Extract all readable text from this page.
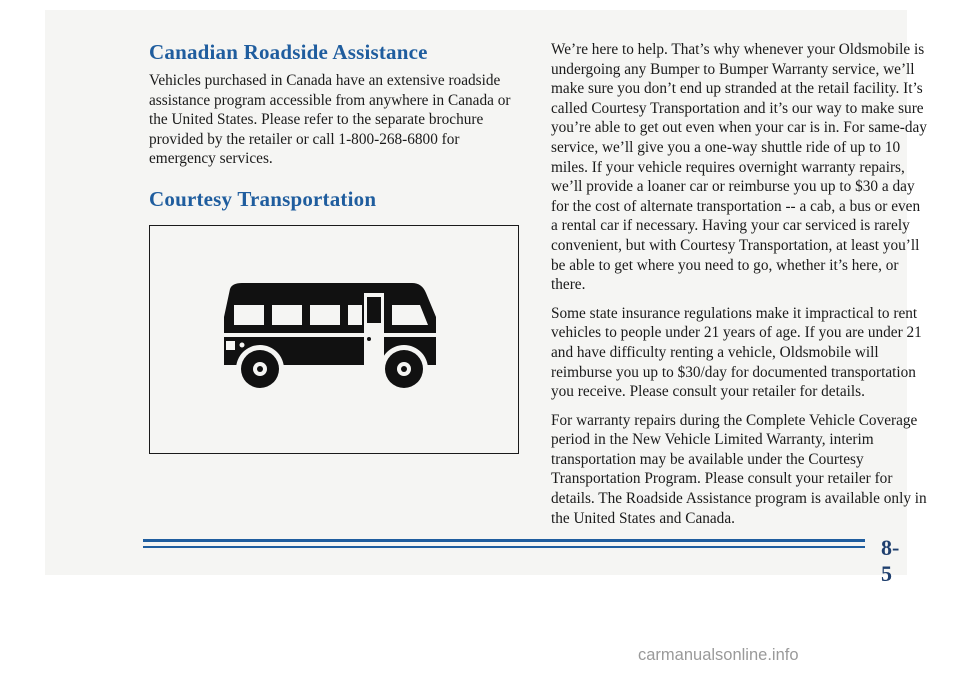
Canadian Roadside Assistance

Vehicles purchased in Canada have an extensive roadside assistance program accessible from anywhere in Canada or the United States. Please refer to the separate brochure provided by the retailer or call 1-800-268-6800 for emergency services.

Courtesy Transportation

We’re here to help. That’s why whenever your Oldsmobile is undergoing any Bumper to Bumper Warranty service, we’ll make sure you don’t end up stranded at the retail facility. It’s called Courtesy Transportation and it’s our way to make sure you’re able to get out even when your car is in. For same-day service, we’ll give you a one-way shuttle ride of up to 10 miles. If your vehicle requires overnight warranty repairs, we’ll provide a loaner car or reimburse you up to $30 a day for the cost of alternate transportation -- a cab, a bus or even a rental car if necessary. Having your car serviced is rarely convenient, but with Courtesy Transportation, at least you’ll be able to get where you need to go, whether it’s here, or there.

Some state insurance regulations make it impractical to rent vehicles to people under 21 years of age. If you are under 21 and have difficulty renting a vehicle, Oldsmobile will reimburse you up to $30/day for documented transportation you receive. Please consult your retailer for details.

For warranty repairs during the Complete Vehicle Coverage period in the New Vehicle Limited Warranty, interim transportation may be available under the Courtesy Transportation Program. Please consult your retailer for details. The Roadside Assistance program is available only in the United States and Canada.

8-5
carmanualsonline.info
